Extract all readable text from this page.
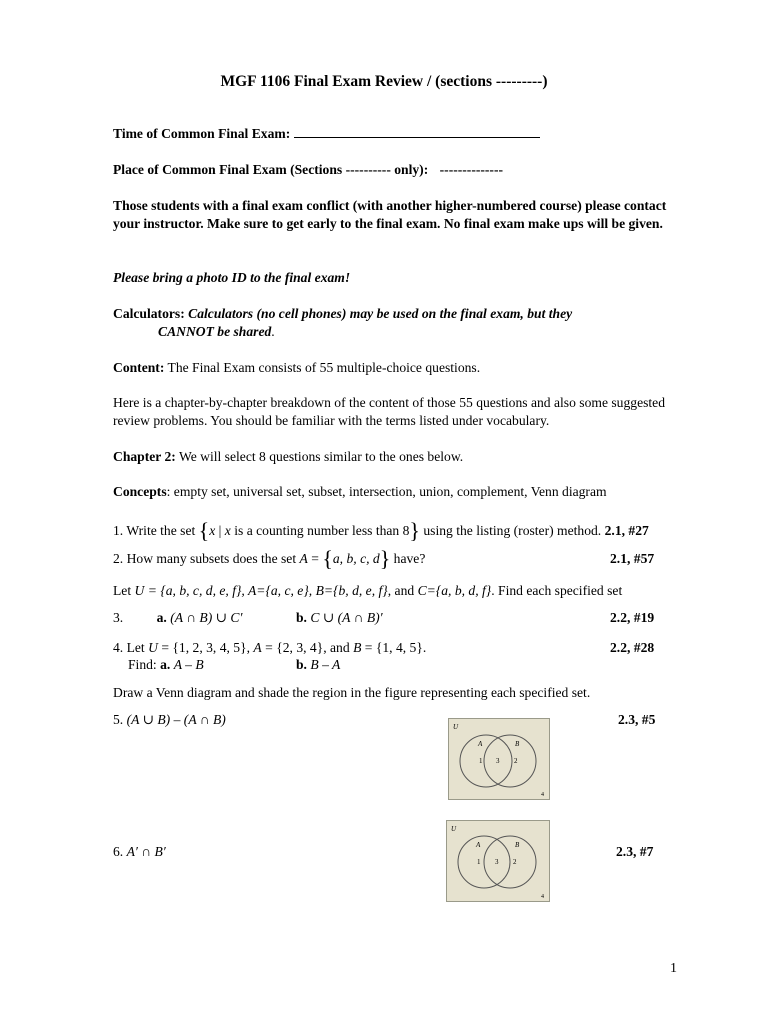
MGF 1106 Final Exam Review / (sections ---------)

Time of Common Final Exam:

Place of Common Final Exam (Sections ---------- only): --------------

Those students with a final exam conflict (with another higher-numbered course) please contact your instructor. Make sure to get early to the final exam. No final exam make ups will be given.

Please bring a photo ID to the final exam!

Calculators: Calculators (no cell phones) may be used on the final exam, but they
CANNOT be shared.

Content: The Final Exam consists of 55 multiple-choice questions.

Here is a chapter-by-chapter breakdown of the content of those 55 questions and also some suggested review problems. You should be familiar with the terms listed under vocabulary.

Chapter 2: We will select 8 questions similar to the ones below.

Concepts: empty set, universal set, subset, intersection, union, complement, Venn diagram

1. Write the set {x | x is a counting number less than 8} using the listing (roster) method. 2.1, #27

2. How many subsets does the set A = {a, b, c, d} have?	2.1, #57

Let U = {a, b, c, d, e, f}, A={a, c, e}, B={b, d, e, f}, and C={a, b, d, f}. Find each specified set

3. a. (A ∩ B) ∪ C′	b. C ∪ (A ∩ B)′	2.2, #19

4. Let U = {1, 2, 3, 4, 5}, A = {2, 3, 4}, and B = {1, 4, 5}.	2.2, #28
Find: a. A – B	b. B – A

Draw a Venn diagram and shade the region in the figure representing each specified set.

5. (A ∪ B) – (A ∩ B)	2.3, #5
U
A	B
1 3 2
4
U
A	B
1 3 2
4

6. A′ ∩ B′	2.3, #7
1
